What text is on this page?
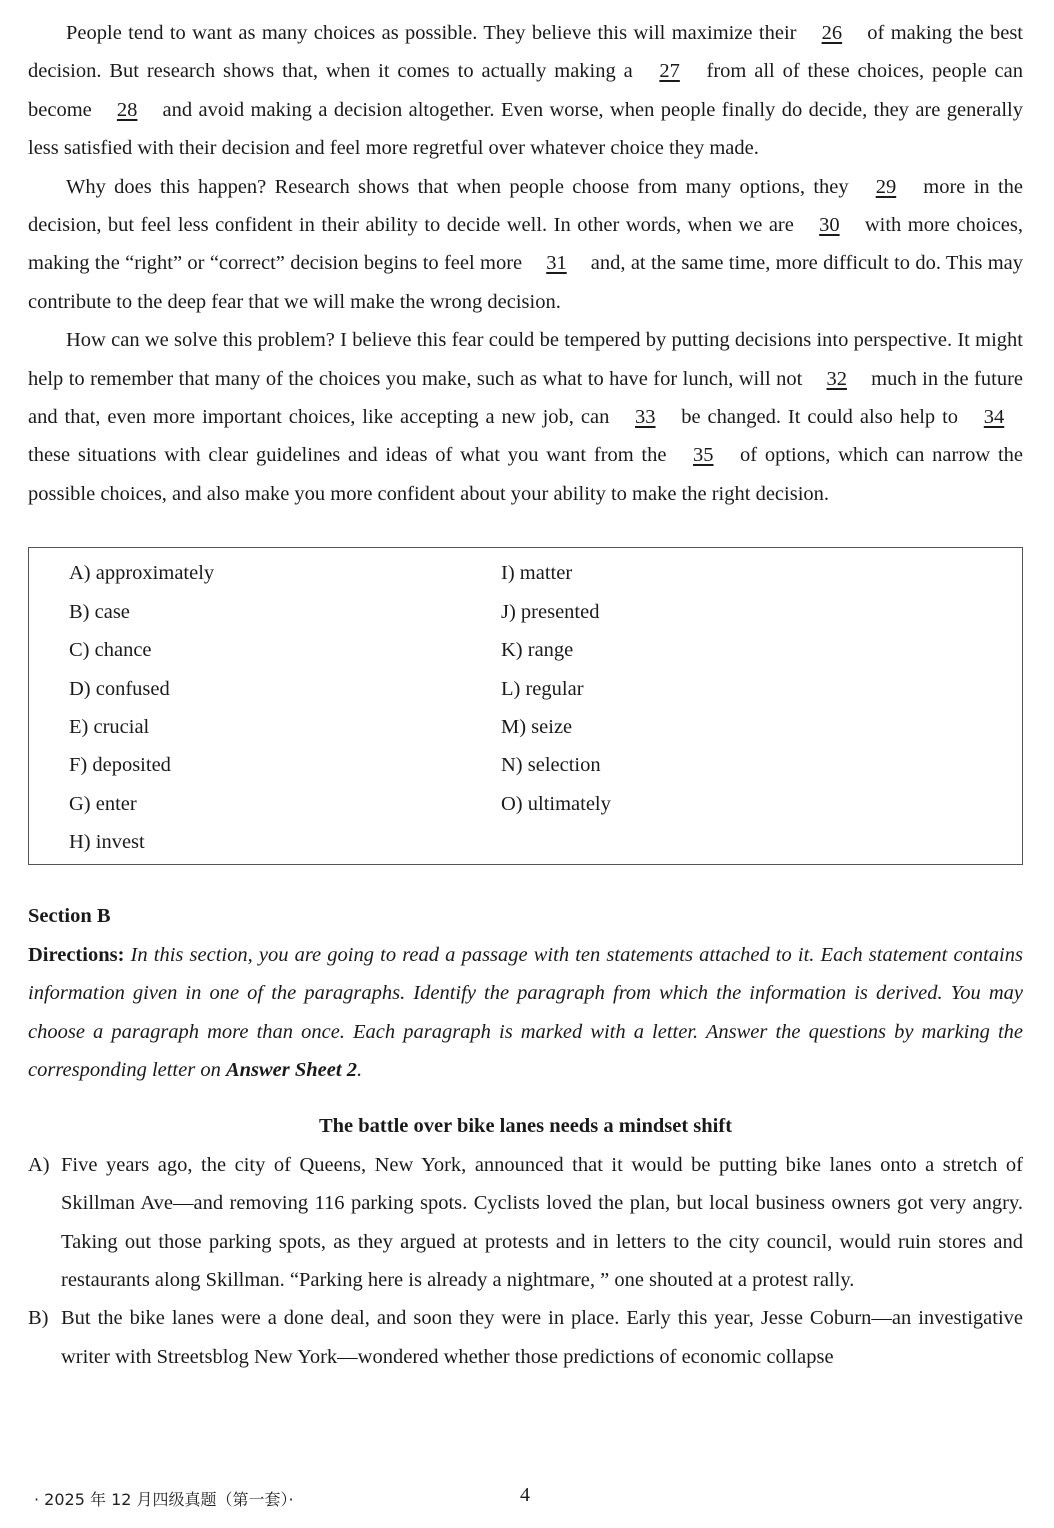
People tend to want as many choices as possible. They believe this will maximize their 26 of making the best decision. But research shows that, when it comes to actually making a 27 from all of these choices, people can become 28 and avoid making a decision altogether. Even worse, when people finally do decide, they are generally less satisfied with their decision and feel more regretful over whatever choice they made.

Why does this happen? Research shows that when people choose from many options, they 29 more in the decision, but feel less confident in their ability to decide well. In other words, when we are 30 with more choices, making the “right” or “correct” decision begins to feel more 31 and, at the same time, more difficult to do. This may contribute to the deep fear that we will make the wrong decision.

How can we solve this problem? I believe this fear could be tempered by putting decisions into perspective. It might help to remember that many of the choices you make, such as what to have for lunch, will not 32 much in the future and that, even more important choices, like accepting a new job, can 33 be changed. It could also help to 34 these situations with clear guidelines and ideas of what you want from the 35 of options, which can narrow the possible choices, and also make you more confident about your ability to make the right decision.

A) approximately
B) case
C) chance
D) confused
E) crucial
F) deposited
G) enter
H) invest
I) matter
J) presented
K) range
L) regular
M) seize
N) selection
O) ultimately
Section B
Directions: In this section, you are going to read a passage with ten statements attached to it. Each statement contains information given in one of the paragraphs. Identify the paragraph from which the information is derived. You may choose a paragraph more than once. Each paragraph is marked with a letter. Answer the questions by marking the corresponding letter on Answer Sheet 2.
The battle over bike lanes needs a mindset shift

A) Five years ago, the city of Queens, New York, announced that it would be putting bike lanes onto a stretch of Skillman Ave—and removing 116 parking spots. Cyclists loved the plan, but local business owners got very angry. Taking out those parking spots, as they argued at protests and in letters to the city council, would ruin stores and restaurants along Skillman. “Parking here is already a nightmare, ” one shouted at a protest rally.

B) But the bike lanes were a done deal, and soon they were in place. Early this year, Jesse Coburn—an investigative writer with Streetsblog New York—wondered whether those predictions of economic collapse

· 2025 年 12 月四级真题（第一套）·	4
